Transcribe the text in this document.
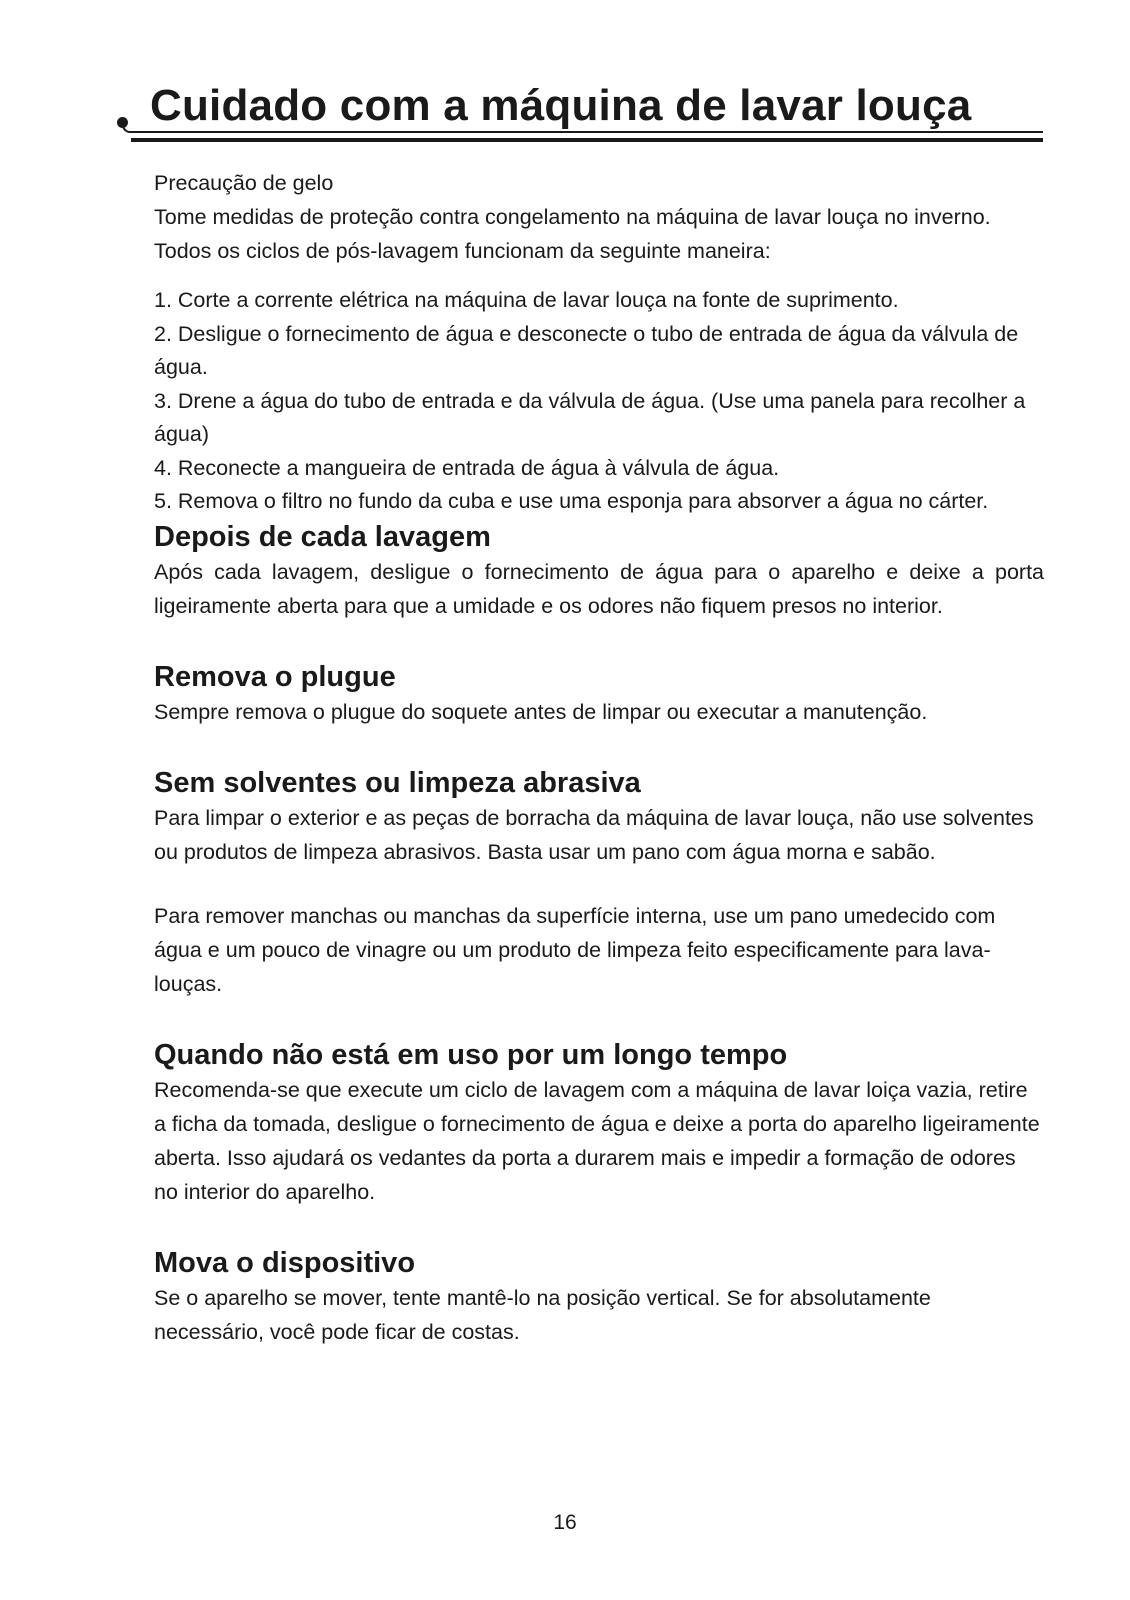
Cuidado com a máquina de lavar louça

Precaução de gelo

Tome medidas de proteção contra congelamento na máquina de lavar louça no inverno. Todos os ciclos de pós-lavagem funcionam da seguinte maneira:

1. Corte a corrente elétrica na máquina de lavar louça na fonte de suprimento.
2. Desligue o fornecimento de água e desconecte o tubo de entrada de água da válvula de água.
3. Drene a água do tubo de entrada e da válvula de água. (Use uma panela para recolher a água)
4. Reconecte a mangueira de entrada de água à válvula de água.
5. Remova o filtro no fundo da cuba e use uma esponja para absorver a água no cárter.
Depois de cada lavagem

Após cada lavagem, desligue o fornecimento de água para o aparelho e deixe a porta ligeiramente aberta para que a umidade e os odores não fiquem presos no interior.

Remova o plugue

Sempre remova o plugue do soquete antes de limpar ou executar a manutenção.

Sem solventes ou limpeza abrasiva

Para limpar o exterior e as peças de borracha da máquina de lavar louça, não use solventes ou produtos de limpeza abrasivos. Basta usar um pano com água morna e sabão.

Para remover manchas ou manchas da superfície interna, use um pano umedecido com água e um pouco de vinagre ou um produto de limpeza feito especificamente para lava-louças.

Quando não está em uso por um longo tempo

Recomenda-se que execute um ciclo de lavagem com a máquina de lavar loiça vazia, retire a ficha da tomada, desligue o fornecimento de água e deixe a porta do aparelho ligeiramente aberta. Isso ajudará os vedantes da porta a durarem mais e impedir a formação de odores no interior do aparelho.

Mova o dispositivo

Se o aparelho se mover, tente mantê-lo na posição vertical. Se for absolutamente necessário, você pode ficar de costas.

16
